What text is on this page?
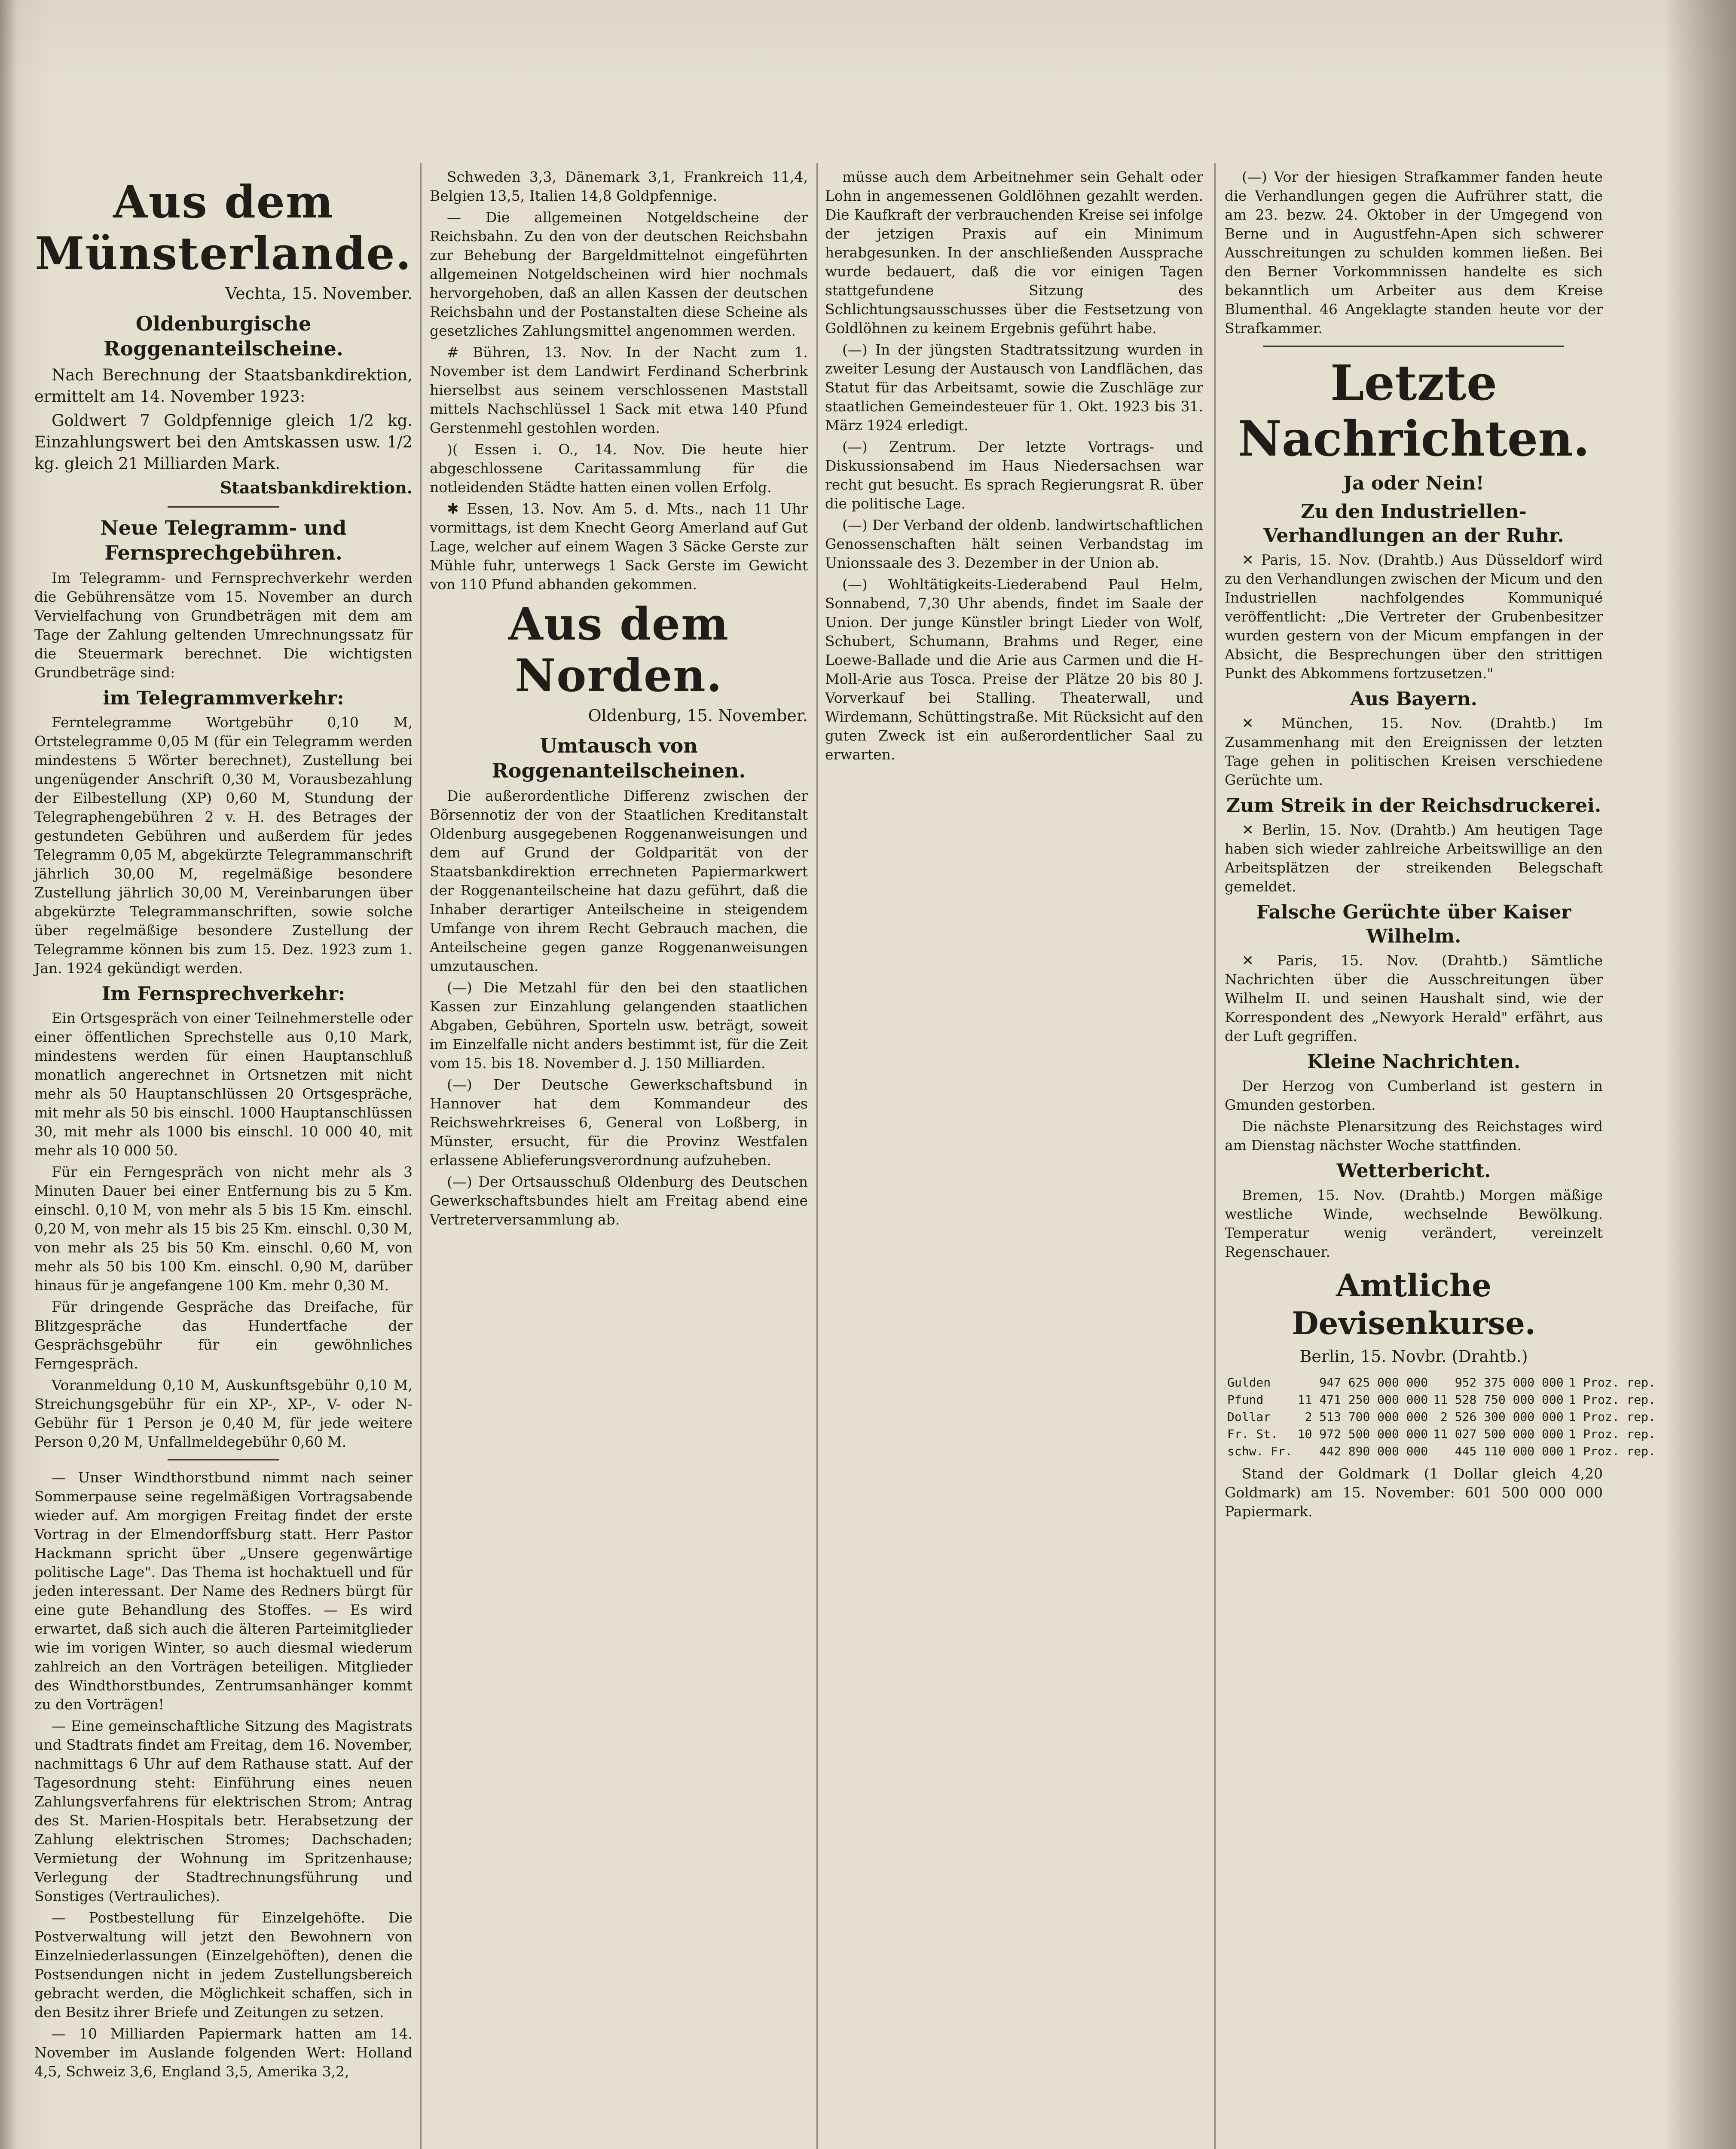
Aus dem Münsterlande.
Vechta, 15. November.
Oldenburgische Roggenanteilscheine.

Nach Berechnung der Staatsbankdirektion, ermittelt am 14. November 1923:

Goldwert 7 Goldpfennige gleich 1/2 kg. Einzahlungswert bei den Amtskassen usw. 1/2 kg. gleich 21 Milliarden Mark.

Staatsbankdirektion.
Neue Telegramm- und Fernsprechgebühren.

Im Telegramm- und Fernsprechverkehr werden die Gebührensätze vom 15. November an durch Vervielfachung von Grundbeträgen mit dem am Tage der Zahlung geltenden Umrechnungssatz für die Steuermark berechnet. Die wichtigsten Grundbeträge sind:

im Telegrammverkehr:

Ferntelegramme Wortgebühr 0,10 M, Ortstelegramme 0,05 M (für ein Telegramm werden mindestens 5 Wörter berechnet), Zustellung bei ungenügender Anschrift 0,30 M, Vorausbezahlung der Eilbestellung (XP) 0,60 M, Stundung der Telegraphengebühren 2 v. H. des Betrages der gestundeten Gebühren und außerdem für jedes Telegramm 0,05 M, abgekürzte Telegrammanschrift jährlich 30,00 M, regelmäßige besondere Zustellung jährlich 30,00 M, Vereinbarungen über abgekürzte Telegrammanschriften, sowie solche über regelmäßige besondere Zustellung der Telegramme können bis zum 15. Dez. 1923 zum 1. Jan. 1924 gekündigt werden.

Im Fernsprechverkehr:

Ein Ortsgespräch von einer Teilnehmerstelle oder einer öffentlichen Sprechstelle aus 0,10 Mark, mindestens werden für einen Hauptanschluß monatlich angerechnet in Ortsnetzen mit nicht mehr als 50 Hauptanschlüssen 20 Ortsgespräche, mit mehr als 50 bis einschl. 1000 Hauptanschlüssen 30, mit mehr als 1000 bis einschl. 10 000 40, mit mehr als 10 000 50.

Für ein Ferngespräch von nicht mehr als 3 Minuten Dauer bei einer Entfernung bis zu 5 Km. einschl. 0,10 M, von mehr als 5 bis 15 Km. einschl. 0,20 M, von mehr als 15 bis 25 Km. einschl. 0,30 M, von mehr als 25 bis 50 Km. einschl. 0,60 M, von mehr als 50 bis 100 Km. einschl. 0,90 M, darüber hinaus für je angefangene 100 Km. mehr 0,30 M.

Für dringende Gespräche das Dreifache, für Blitzgespräche das Hundertfache der Gesprächsgebühr für ein gewöhnliches Ferngespräch.

Voranmeldung 0,10 M, Auskunftsgebühr 0,10 M, Streichungsgebühr für ein XP-, XP-, V- oder N-Gebühr für 1 Person je 0,40 M, für jede weitere Person 0,20 M, Unfallmeldegebühr 0,60 M.

— Unser Windthorstbund nimmt nach seiner Sommerpause seine regelmäßigen Vortragsabende wieder auf. Am morgigen Freitag findet der erste Vortrag in der Elmendorffsburg statt. Herr Pastor Hackmann spricht über „Unsere gegenwärtige politische Lage". Das Thema ist hochaktuell und für jeden interessant. Der Name des Redners bürgt für eine gute Behandlung des Stoffes. — Es wird erwartet, daß sich auch die älteren Parteimitglieder wie im vorigen Winter, so auch diesmal wiederum zahlreich an den Vorträgen beteiligen. Mitglieder des Windthorstbundes, Zentrumsanhänger kommt zu den Vorträgen!

— Eine gemeinschaftliche Sitzung des Magistrats und Stadtrats findet am Freitag, dem 16. November, nachmittags 6 Uhr auf dem Rathause statt. Auf der Tagesordnung steht: Einführung eines neuen Zahlungsverfahrens für elektrischen Strom; Antrag des St. Marien-Hospitals betr. Herabsetzung der Zahlung elektrischen Stromes; Dachschaden; Vermietung der Wohnung im Spritzenhause; Verlegung der Stadtrechnungsführung und Sonstiges (Vertrauliches).

— Postbestellung für Einzelgehöfte. Die Postverwaltung will jetzt den Bewohnern von Einzelniederlassungen (Einzelgehöften), denen die Postsendungen nicht in jedem Zustellungsbereich gebracht werden, die Möglichkeit schaffen, sich in den Besitz ihrer Briefe und Zeitungen zu setzen.

— 10 Milliarden Papiermark hatten am 14. November im Auslande folgenden Wert: Holland 4,5, Schweiz 3,6, England 3,5, Amerika 3,2,

Schweden 3,3, Dänemark 3,1, Frankreich 11,4, Belgien 13,5, Italien 14,8 Goldpfennige.

— Die allgemeinen Notgeldscheine der Reichsbahn. Zu den von der deutschen Reichsbahn zur Behebung der Bargeldmittelnot eingeführten allgemeinen Notgeldscheinen wird hier nochmals hervorgehoben, daß an allen Kassen der deutschen Reichsbahn und der Postanstalten diese Scheine als gesetzliches Zahlungsmittel angenommen werden.

# Bühren, 13. Nov. In der Nacht zum 1. November ist dem Landwirt Ferdinand Scherbrink hierselbst aus seinem verschlossenen Maststall mittels Nachschlüssel 1 Sack mit etwa 140 Pfund Gerstenmehl gestohlen worden.

)( Essen i. O., 14. Nov. Die heute hier abgeschlossene Caritassammlung für die notleidenden Städte hatten einen vollen Erfolg.

✱ Essen, 13. Nov. Am 5. d. Mts., nach 11 Uhr vormittags, ist dem Knecht Georg Amerland auf Gut Lage, welcher auf einem Wagen 3 Säcke Gerste zur Mühle fuhr, unterwegs 1 Sack Gerste im Gewicht von 110 Pfund abhanden gekommen.

Aus dem Norden.
Oldenburg, 15. November.
Umtausch von Roggenanteilscheinen.

Die außerordentliche Differenz zwischen der Börsennotiz der von der Staatlichen Kreditanstalt Oldenburg ausgegebenen Roggenanweisungen und dem auf Grund der Goldparität von der Staatsbankdirektion errechneten Papiermarkwert der Roggenanteilscheine hat dazu geführt, daß die Inhaber derartiger Anteilscheine in steigendem Umfange von ihrem Recht Gebrauch machen, die Anteilscheine gegen ganze Roggenanweisungen umzutauschen.

(—) Die Metzahl für den bei den staatlichen Kassen zur Einzahlung gelangenden staatlichen Abgaben, Gebühren, Sporteln usw. beträgt, soweit im Einzelfalle nicht anders bestimmt ist, für die Zeit vom 15. bis 18. November d. J. 150 Milliarden.

(—) Der Deutsche Gewerkschaftsbund in Hannover hat dem Kommandeur des Reichswehrkreises 6, General von Loßberg, in Münster, ersucht, für die Provinz Westfalen erlassene Ablieferungsverordnung aufzuheben.

(—) Der Ortsausschuß Oldenburg des Deutschen Gewerkschaftsbundes hielt am Freitag abend eine Vertreterversammlung ab.

müsse auch dem Arbeitnehmer sein Gehalt oder Lohn in angemessenen Goldlöhnen gezahlt werden. Die Kaufkraft der verbrauchenden Kreise sei infolge der jetzigen Praxis auf ein Minimum herabgesunken. In der anschließenden Aussprache wurde bedauert, daß die vor einigen Tagen stattgefundene Sitzung des Schlichtungsausschusses über die Festsetzung von Goldlöhnen zu keinem Ergebnis geführt habe.

(—) In der jüngsten Stadtratssitzung wurden in zweiter Lesung der Austausch von Landflächen, das Statut für das Arbeitsamt, sowie die Zuschläge zur staatlichen Gemeindesteuer für 1. Okt. 1923 bis 31. März 1924 erledigt.

(—) Zentrum. Der letzte Vortrags- und Diskussionsabend im Haus Niedersachsen war recht gut besucht. Es sprach Regierungsrat R. über die politische Lage.

(—) Der Verband der oldenb. landwirtschaftlichen Genossenschaften hält seinen Verbandstag im Unionssaale des 3. Dezember in der Union ab.

(—) Wohltätigkeits-Liederabend Paul Helm, Sonnabend, 7,30 Uhr abends, findet im Saale der Union. Der junge Künstler bringt Lieder von Wolf, Schubert, Schumann, Brahms und Reger, eine Loewe-Ballade und die Arie aus Carmen und die H-Moll-Arie aus Tosca. Preise der Plätze 20 bis 80 J. Vorverkauf bei Stalling. Theaterwall, und Wirdemann, Schüttingstraße. Mit Rücksicht auf den guten Zweck ist ein außerordentlicher Saal zu erwarten.

(—) Vor der hiesigen Strafkammer fanden heute die Verhandlungen gegen die Aufrührer statt, die am 23. bezw. 24. Oktober in der Umgegend von Berne und in Augustfehn-Apen sich schwerer Ausschreitungen zu schulden kommen ließen. Bei den Berner Vorkommnissen handelte es sich bekanntlich um Arbeiter aus dem Kreise Blumenthal. 46 Angeklagte standen heute vor der Strafkammer.

Letzte Nachrichten.
Ja oder Nein!
Zu den Industriellen-Verhandlungen an der Ruhr.

✕ Paris, 15. Nov. (Drahtb.) Aus Düsseldorf wird zu den Verhandlungen zwischen der Micum und den Industriellen nachfolgendes Kommuniqué veröffentlicht: „Die Vertreter der Grubenbesitzer wurden gestern von der Micum empfangen in der Absicht, die Besprechungen über den strittigen Punkt des Abkommens fortzusetzen."

Aus Bayern.

✕ München, 15. Nov. (Drahtb.) Im Zusammenhang mit den Ereignissen der letzten Tage gehen in politischen Kreisen verschiedene Gerüchte um.

Zum Streik in der Reichsdruckerei.

✕ Berlin, 15. Nov. (Drahtb.) Am heutigen Tage haben sich wieder zahlreiche Arbeitswillige an den Arbeitsplätzen der streikenden Belegschaft gemeldet.

Falsche Gerüchte über Kaiser Wilhelm.

✕ Paris, 15. Nov. (Drahtb.) Sämtliche Nachrichten über die Ausschreitungen über Wilhelm II. und seinen Haushalt sind, wie der Korrespondent des „Newyork Herald" erfährt, aus der Luft gegriffen.

Kleine Nachrichten.

Der Herzog von Cumberland ist gestern in Gmunden gestorben.

Die nächste Plenarsitzung des Reichstages wird am Dienstag nächster Woche stattfinden.

Wetterbericht.

Bremen, 15. Nov. (Drahtb.) Morgen mäßige westliche Winde, wechselnde Bewölkung. Temperatur wenig verändert, vereinzelt Regenschauer.

Amtliche Devisenkurse.
Berlin, 15. Novbr. (Drahtb.)
Gulden	947 625 000 000	952 375 000 000	1 Proz. rep.
Pfund	11 471 250 000 000	11 528 750 000 000	1 Proz. rep.
Dollar	2 513 700 000 000	2 526 300 000 000	1 Proz. rep.
Fr. St.	10 972 500 000 000	11 027 500 000 000	1 Proz. rep.
schw. Fr.	442 890 000 000	445 110 000 000	1 Proz. rep.

Stand der Goldmark (1 Dollar gleich 4,20 Goldmark) am 15. November: 601 500 000 000 Papiermark.
